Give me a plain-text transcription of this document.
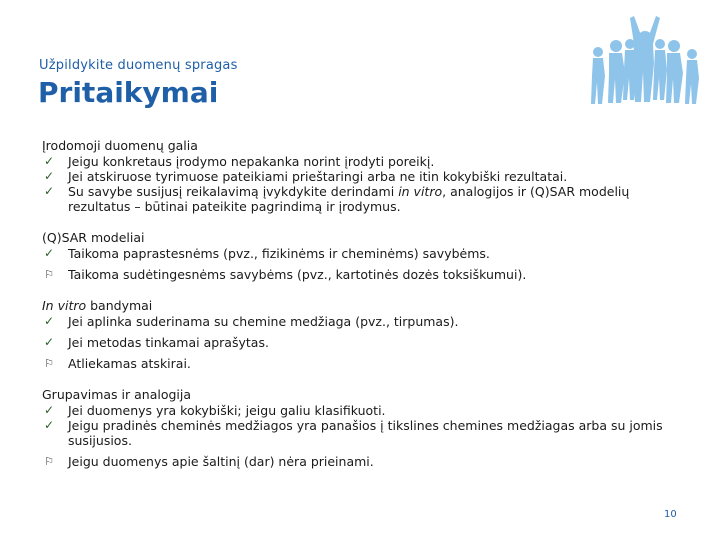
Užpildykite duomenų spragas
Pritaikymai
Įrodomoji duomenų galia
✓ Jeigu konkretaus įrodymo nepakanka norint įrodyti poreikį.
✓ Jei atskiruose tyrimuose pateikiami prieštaringi arba ne itin kokybiški rezultatai.
✓ Su savybe susijusį reikalavimą įvykdykite derindami in vitro, analogijos ir (Q)SAR modelių rezultatus – būtinai pateikite pagrindimą ir įrodymus.
(Q)SAR modeliai
✓ Taikoma paprastesnėms (pvz., fizikinėms ir cheminėms) savybėms.
⚐ Taikoma sudėtingesnėms savybėms (pvz., kartotinės dozės toksiškumui).
In vitro bandymai
✓ Jei aplinka suderinama su chemine medžiaga (pvz., tirpumas).
✓ Jei metodas tinkamai aprašytas.
⚐ Atliekamas atskirai.
Grupavimas ir analogija
✓ Jei duomenys yra kokybiški; jeigu galiu klasifikuoti.
✓ Jeigu pradinės cheminės medžiagos yra panašios į tikslines chemines medžiagas arba su jomis susijusios.
⚐ Jeigu duomenys apie šaltinį (dar) nėra prieinami.
10
